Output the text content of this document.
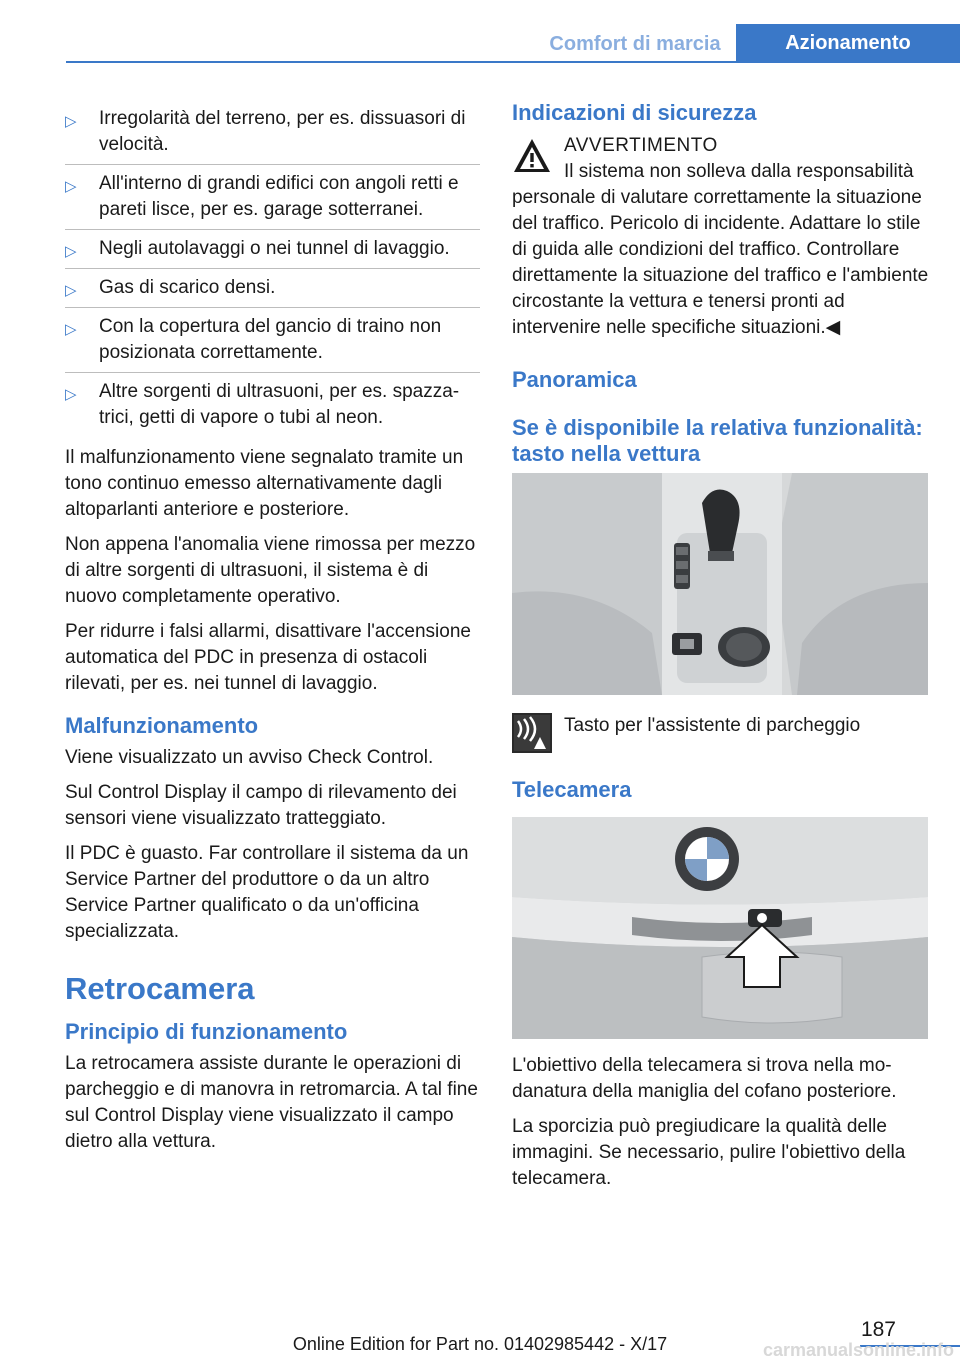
Comfort di marcia	Azionamento
▷ Irregolarità del terreno, per es. dissuasori di velocità.
▷ All'interno di grandi edifici con angoli retti e pareti lisce, per es. garage sotterranei.
▷ Negli autolavaggi o nei tunnel di lavaggio.
▷ Gas di scarico densi.
▷ Con la copertura del gancio di traino non posizionata correttamente.
▷ Altre sorgenti di ultrasuoni, per es. spazzatrici, getti di vapore o tubi al neon.

Il malfunzionamento viene segnalato tramite un tono continuo emesso alternativamente dagli altoparlanti anteriore e posteriore.

Non appena l'anomalia viene rimossa per mezzo di altre sorgenti di ultrasuoni, il sistema è di nuovo completamente operativo.

Per ridurre i falsi allarmi, disattivare l'accensione automatica del PDC in presenza di ostacoli rilevati, per es. nei tunnel di lavaggio.

Malfunzionamento

Viene visualizzato un avviso Check Control.

Sul Control Display il campo di rilevamento dei sensori viene visualizzato tratteggiato.

Il PDC è guasto. Far controllare il sistema da un Service Partner del produttore o da un altro Service Partner qualificato o da un'officina specializzata.

Retrocamera
Principio di funzionamento

La retrocamera assiste durante le operazioni di parcheggio e di manovra in retromarcia. A tal fine sul Control Display viene visualizzato il campo dietro alla vettura.

Indicazioni di sicurezza
AVVERTIMENTO
Il sistema non solleva dalla responsabilità
personale di valutare correttamente la situazione del traffico. Pericolo di incidente. Adattare lo stile di guida alle condizioni del traffico. Controllare direttamente la situazione del traffico e l'ambiente circostante la vettura e tenersi pronti ad intervenire nelle specifiche situazioni.◀
Panoramica
Se è disponibile la relativa funzionalità: tasto nella vettura
Tasto per l'assistente di parcheggio
Telecamera

L'obiettivo della telecamera si trova nella modanatura della maniglia del cofano posteriore.

La sporcizia può pregiudicare la qualità delle immagini. Se necessario, pulire l'obiettivo della telecamera.

187
Online Edition for Part no. 01402985442 - X/17	carmanualsonline.info
